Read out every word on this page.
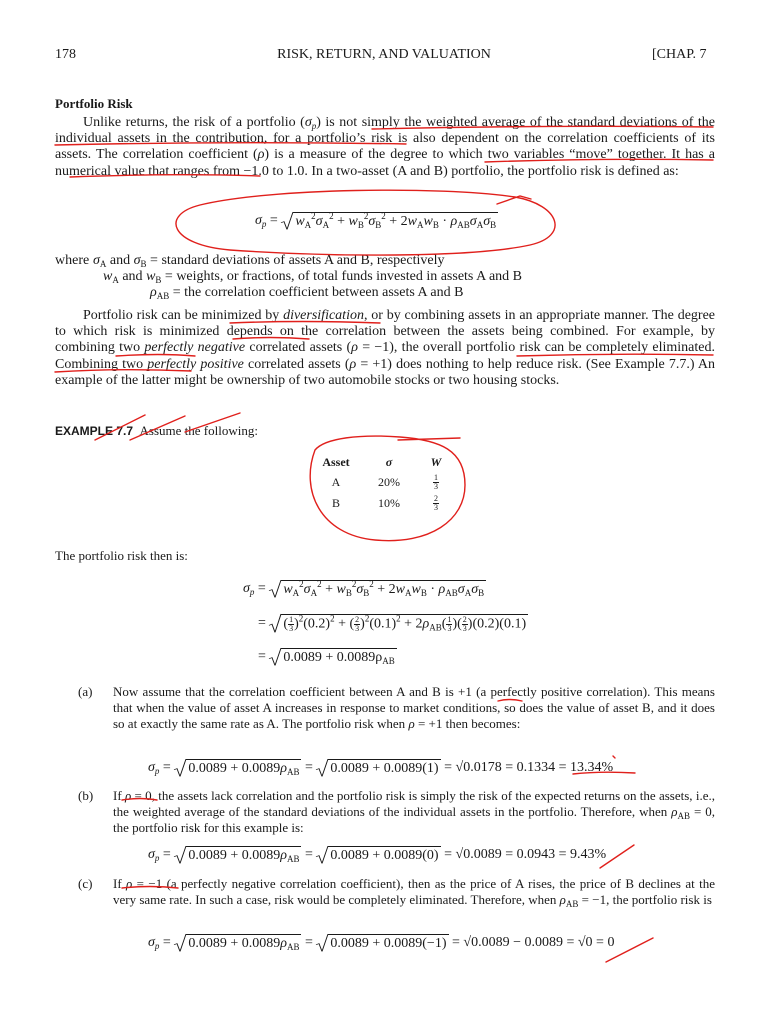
178	RISK, RETURN, AND VALUATION	[CHAP. 7
Portfolio Risk
Unlike returns, the risk of a portfolio $(\sigma_p)$ is not simply the weighted average of the standard deviations of the individual assets in the contribution, for a portfolio’s risk is also dependent on the correlation coefficients of its assets. The correlation coefficient (ρ) is a measure of the degree to which two variables “move” together. It has a numerical value that ranges from −1.0 to 1.0. In a two-asset (A and B) portfolio, the portfolio risk is defined as:
$\sigma_p$ =
$w_A^2\sigma_A^2 + w_B^2\sigma_B^2 + 2w_Aw_B \cdot \rho_{AB}\sigma_A\sigma_B$
where $\sigma_A$ and $\sigma_B$ = standard deviations of assets A and B, respectively
$w_A$ and $w_B$ = weights, or fractions, of total funds invested in assets A and B
$\rho_{AB}$ = the correlation coefficient between assets A and B
Portfolio risk can be minimized by diversification, or by combining assets in an appropriate manner. The degree to which risk is minimized depends on the correlation between the assets being combined. For example, by combining two perfectly negative correlated assets (ρ = −1), the overall portfolio risk can be completely eliminated. Combining two perfectly positive correlated assets (ρ = +1) does nothing to help reduce risk. (See Example 7.7.) An example of the latter might be ownership of two automobile stocks or two housing stocks.
EXAMPLE 7.7 Assume the following:
Asset	σ	W
A	20%	$\frac{1}{3}$

B	10%	$\frac{2}{3}$
The portfolio risk then is:
$\sigma_p$ =
$w_A^2\sigma_A^2 + w_B^2\sigma_B^2 + 2w_Aw_B \cdot \rho_{AB}\sigma_A\sigma_B$
=
( $\frac{1}{3} )^2(0.2)^2$ + ( $\frac{2}{3} )^2(0.1)^2 + 2\rho_{AB}( \frac{1}{3}$ )( $\frac{2}{3} )(0.2)(0.1)$
=
$0.0089 + 0.0089\rho_{AB}$
(a) Now assume that the correlation coefficient between A and B is +1 (a perfectly positive correlation). This means that when the value of asset A increases in response to market conditions, so does the value of asset B, and it does so at exactly the same rate as A. The portfolio risk when ρ = +1 then becomes:
$\sigma_p$ =
$0.0089 + 0.0089\rho_{AB}$ =
0.0089 + 0.0089(1) = √0.0178 = 0.1334 = 13.34%
(b) If ρ = 0, the assets lack correlation and the portfolio risk is simply the risk of the expected returns on the assets, i.e., the weighted average of the standard deviations of the individual assets in the portfolio. Therefore, when $\rho_{AB} = 0$, the portfolio risk for this example is:
$\sigma_p$ =
$0.0089 + 0.0089\rho_{AB}$ =
0.0089 + 0.0089(0) = √0.0089 = 0.0943 = 9.43%
(c) If ρ = −1 (a perfectly negative correlation coefficient), then as the price of A rises, the price of B declines at the very same rate. In such a case, risk would be completely eliminated. Therefore, when $\rho_{AB} = -1$, the portfolio risk is
$\sigma_p$ =
$0.0089 + 0.0089\rho_{AB}$ =
0.0089 + 0.0089(−1) = √0.0089 − 0.0089 = √0 = 0
